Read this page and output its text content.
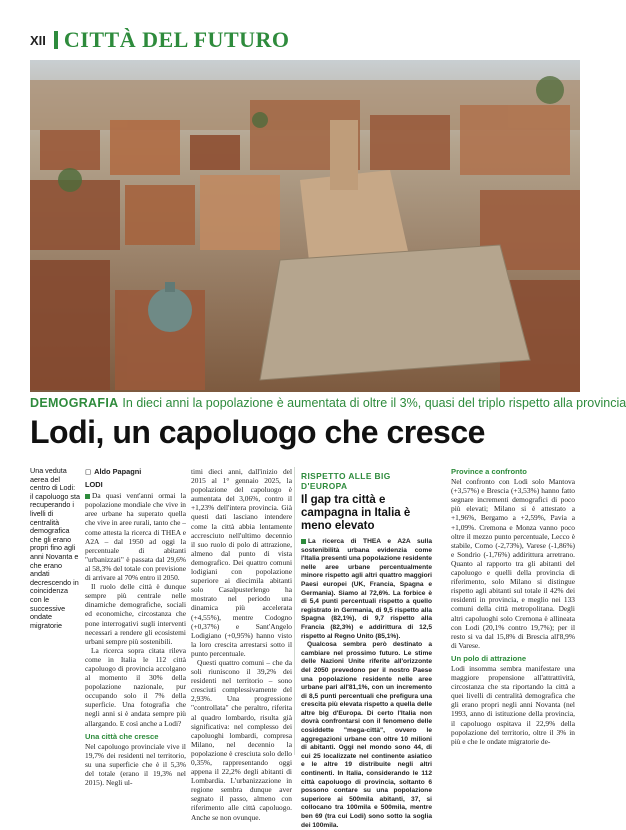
XII CITTÀ DEL FUTURO
DEMOGRAFIA In dieci anni la popolazione è aumentata di oltre il 3%, quasi del triplo rispetto alla provincia
Lodi, un capoluogo che cresce
Una veduta aerea del centro di Lodi: il capoluogo sta recuperando i livelli di centralità demografica che gli erano propri fino agli anni Novanta e che erano andati decrescendo in coincidenza con le successive ondate migratorie
◻ Aldo Papagni
LODI

Da quasi vent'anni ormai la popolazione mondiale che vive in aree urbane ha superato quella che vive in aree rurali, tanto che – come attesta la ricerca di THEA e A2A – dal 1950 ad oggi la percentuale di abitanti "urbanizzati" è passata dal 29,6% al 58,3% del totale con previsione di arrivare al 70% entro il 2050.

Il ruolo delle città è dunque sempre più centrale nelle dinamiche demografiche, sociali ed economiche, circostanza che pone interrogativi sugli interventi necessari a rendere gli ecosistemi urbani sempre più sostenibili.

La ricerca sopra citata rileva come in Italia le 112 città capoluogo di provincia accolgano al momento il 30% della popolazione nazionale, pur occupando solo il 7% della superficie. Una fotografia che negli anni si è andata sempre più allargando. E così anche a Lodi?

Una città che cresce

Nel capoluogo provinciale vive il 19,7% dei residenti nel territorio, su una superficie che è il 5,3% del totale (erano il 19,3% nel 2015). Negli ul-

timi dieci anni, dall'inizio del 2015 al 1° gennaio 2025, la popolazione del capoluogo è aumentata del 3,06%, contro il +1,23% dell'intera provincia. Già questi dati lasciano intendere come la città abbia lentamente accresciuto nell'ultimo decennio il suo ruolo di polo di attrazione, almeno dal punto di vista demografico. Dei quattro comuni lodigiani con popolazione superiore ai diecimila abitanti solo Casalpusterlengo ha mostrato nel periodo una dinamica più accelerata (+4,55%), mentre Codogno (+0,37%) e Sant'Angelo Lodigiano (+0,95%) hanno visto la loro crescita arrestarsi sotto il punto percentuale.

Questi quattro comuni – che da soli riuniscono il 39,2% dei residenti nel territorio – sono cresciuti complessivamente del 2,93%. Una progressione "controllata" che peraltro, riferita al quadro lombardo, risulta già significativa: nel complesso dei capoluoghi lombardi, compresa Milano, nel decennio la popolazione è cresciuta solo dello 0,35%, rappresentando oggi appena il 22,2% degli abitanti di Lombardia. L'urbanizzazione in regione sembra dunque aver segnato il passo, almeno con riferimento alle città capoluogo. Anche se non ovunque.

RISPETTO ALLE BIG D'EUROPA
Il gap tra città e campagna in Italia è meno elevato

La ricerca di THEA e A2A sulla sostenibilità urbana evidenzia come l'Italia presenti una popolazione residente nelle aree urbane percentualmente minore rispetto agli altri quattro maggiori Paesi europei (UK, Francia, Spagna e Germania). Siamo al 72,6%. La forbice è di 5,4 punti percentuali rispetto a quello registrato in Germania, di 9,5 rispetto alla Spagna (82,1%), di 9,7 rispetto alla Francia (82,3%) e addirittura di 12,5 rispetto al Regno Unito (85,1%).

Qualcosa sembra però destinato a cambiare nel prossimo futuro. Le stime delle Nazioni Unite riferite all'orizzonte del 2050 prevedono per il nostro Paese una popolazione residente nelle aree urbane pari all'81,1%, con un incremento di 8,5 punti percentuali che prefigura una crescita più elevata rispetto a quella delle altre big d'Europa. Di certo l'Italia non dovrà confrontarsi con il fenomeno delle cosiddette "mega-città", ovvero le aggregazioni urbane con oltre 10 milioni di abitanti. Oggi nel mondo sono 44, di cui 25 localizzate nel continente asiatico e le altre 19 distribuite negli altri continenti. In Italia, considerando le 112 città capoluogo di provincia, soltanto 6 possono contare su una popolazione superiore ai 500mila abitanti, 37, si collocano tra 100mila e 500mila, mentre ben 69 (tra cui Lodi) sono sotto la soglia dei 100mila.

Province a confronto

Nel confronto con Lodi solo Mantova (+3,57%) e Brescia (+3,53%) hanno fatto segnare incrementi demografici di poco più elevati; Milano si è attestato a +1,96%, Bergamo a +2,59%, Pavia a +1,09%. Cremona e Monza vanno poco oltre il mezzo punto percentuale, Lecco è stabile, Como (-2,73%), Varese (-1,86%) e Sondrio (-1,76%) addirittura arretrano. Quanto al rapporto tra gli abitanti del capoluogo e quelli della provincia di riferimento, solo Milano si distingue rispetto agli abitanti sul totale il 42% dei residenti in provincia, e meglio nei 133 comuni della città metropolitana. Degli altri capoluoghi solo Cremona è allineata con Lodi (20,1% contro 19,7%); per il resto si va dal 15,8% di Brescia all'8,9% di Varese.

Un polo di attrazione

Lodi insomma sembra manifestare una maggiore propensione all'attrattività, circostanza che sta riportando la città a quei livelli di centralità demografica che gli erano propri negli anni Novanta (nel 1993, anno di istituzione della provincia, il capoluogo ospitava il 22,9% della popolazione del territorio, oltre il 3% in più e che le ondate migratorie de-
